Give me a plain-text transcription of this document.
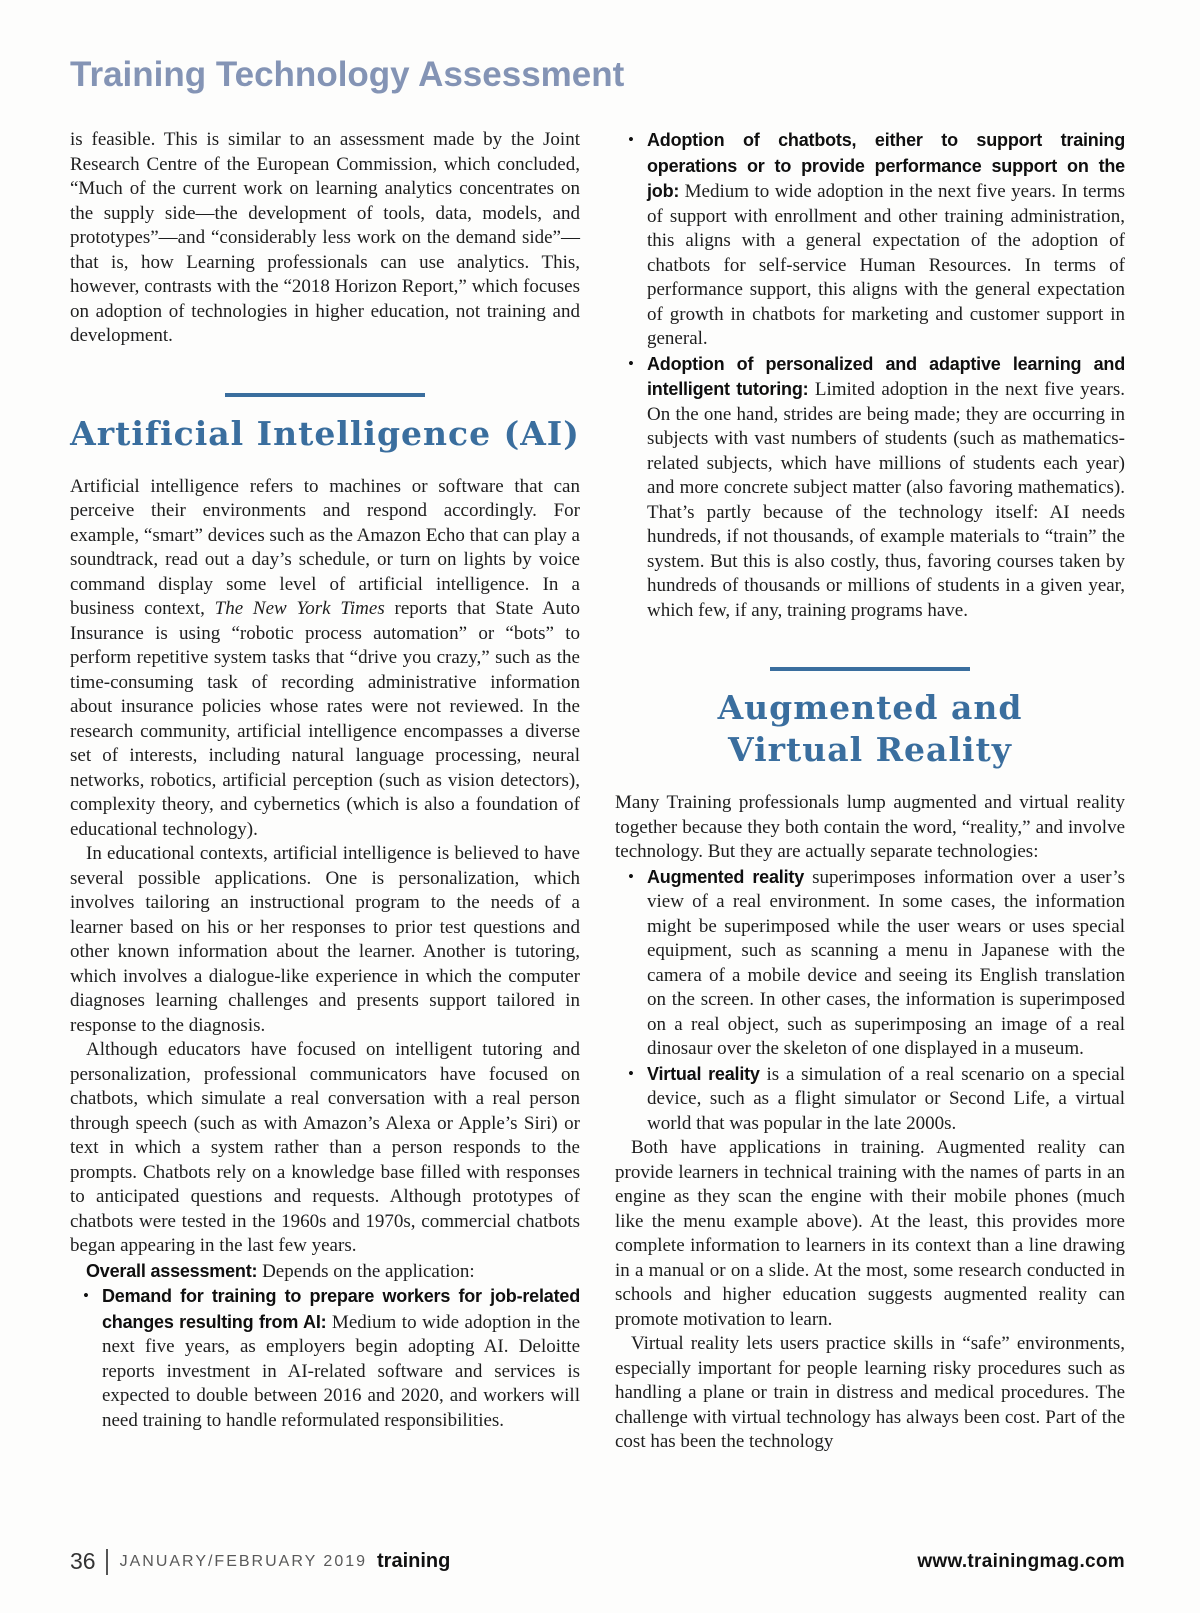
Training Technology Assessment

is feasible. This is similar to an assessment made by the Joint Research Centre of the European Commission, which concluded, “Much of the current work on learning analytics concentrates on the supply side—the development of tools, data, models, and prototypes”—and “considerably less work on the demand side”—that is, how Learning professionals can use analytics. This, however, contrasts with the “2018 Horizon Report,” which focuses on adoption of technologies in higher education, not training and development.

Artificial Intelligence (AI)

Artificial intelligence refers to machines or software that can perceive their environments and respond accordingly. For example, “smart” devices such as the Amazon Echo that can play a soundtrack, read out a day’s schedule, or turn on lights by voice command display some level of artificial intelligence. In a business context, The New York Times reports that State Auto Insurance is using “robotic process automation” or “bots” to perform repetitive system tasks that “drive you crazy,” such as the time-consuming task of recording administrative information about insurance policies whose rates were not reviewed. In the research community, artificial intelligence encompasses a diverse set of interests, including natural language processing, neural networks, robotics, artificial perception (such as vision detectors), complexity theory, and cybernetics (which is also a foundation of educational technology).

In educational contexts, artificial intelligence is believed to have several possible applications. One is personalization, which involves tailoring an instructional program to the needs of a learner based on his or her responses to prior test questions and other known information about the learner. Another is tutoring, which involves a dialogue-like experience in which the computer diagnoses learning challenges and presents support tailored in response to the diagnosis.

Although educators have focused on intelligent tutoring and personalization, professional communicators have focused on chatbots, which simulate a real conversation with a real person through speech (such as with Amazon’s Alexa or Apple’s Siri) or text in which a system rather than a person responds to the prompts. Chatbots rely on a knowledge base filled with responses to anticipated questions and requests. Although prototypes of chatbots were tested in the 1960s and 1970s, commercial chatbots began appearing in the last few years.

Overall assessment: Depends on the application:

• Demand for training to prepare workers for job-related changes resulting from AI: Medium to wide adoption in the next five years, as employers begin adopting AI. Deloitte reports investment in AI-related software and services is expected to double between 2016 and 2020, and workers will need training to handle reformulated responsibilities.
• Adoption of chatbots, either to support training operations or to provide performance support on the job: Medium to wide adoption in the next five years. In terms of support with enrollment and other training administration, this aligns with a general expectation of the adoption of chatbots for self-service Human Resources. In terms of performance support, this aligns with the general expectation of growth in chatbots for marketing and customer support in general.
• Adoption of personalized and adaptive learning and intelligent tutoring: Limited adoption in the next five years. On the one hand, strides are being made; they are occurring in subjects with vast numbers of students (such as mathematics-related subjects, which have millions of students each year) and more concrete subject matter (also favoring mathematics). That’s partly because of the technology itself: AI needs hundreds, if not thousands, of example materials to “train” the system. But this is also costly, thus, favoring courses taken by hundreds of thousands or millions of students in a given year, which few, if any, training programs have.
Augmented and
Virtual Reality

Many Training professionals lump augmented and virtual reality together because they both contain the word, “reality,” and involve technology. But they are actually separate technologies:

• Augmented reality superimposes information over a user’s view of a real environment. In some cases, the information might be superimposed while the user wears or uses special equipment, such as scanning a menu in Japanese with the camera of a mobile device and seeing its English translation on the screen. In other cases, the information is superimposed on a real object, such as superimposing an image of a real dinosaur over the skeleton of one displayed in a museum.
• Virtual reality is a simulation of a real scenario on a special device, such as a flight simulator or Second Life, a virtual world that was popular in the late 2000s.

Both have applications in training. Augmented reality can provide learners in technical training with the names of parts in an engine as they scan the engine with their mobile phones (much like the menu example above). At the least, this provides more complete information to learners in its context than a line drawing in a manual or on a slide. At the most, some research conducted in schools and higher education suggests augmented reality can promote motivation to learn.

Virtual reality lets users practice skills in “safe” environments, especially important for people learning risky procedures such as handling a plane or train in distress and medical procedures. The challenge with virtual technology has always been cost. Part of the cost has been the technology

36 JANUARY/FEBRUARY 2019 training	www.trainingmag.com
